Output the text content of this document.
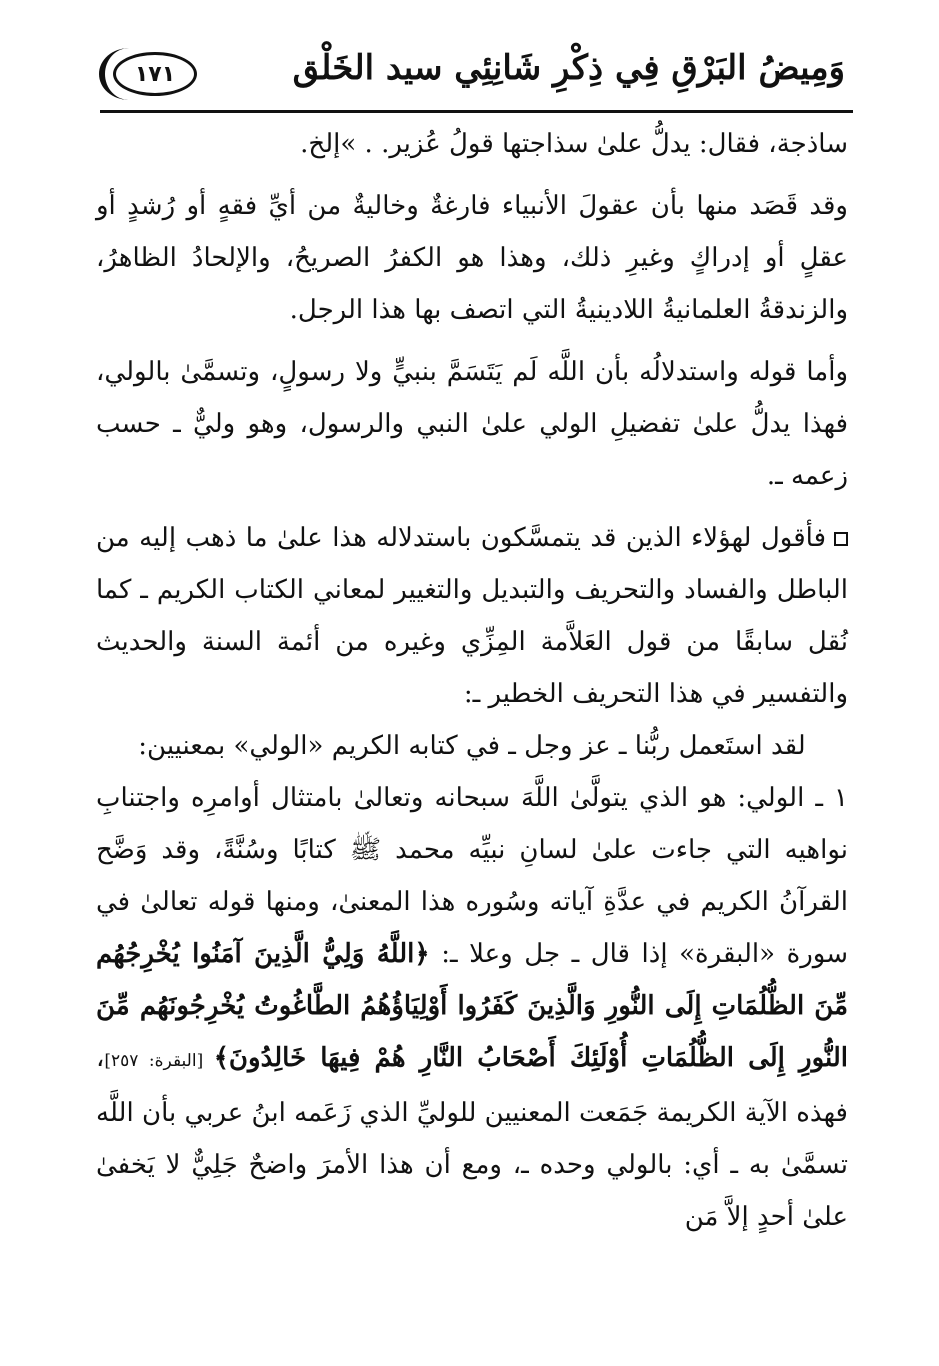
وَمِيضُ البَرْقِ فِي ذِكْرِ شَانِئِي سيد الخَلْق
١٧١

ساذجة، فقال: يدلُّ علىٰ سذاجتها قولُ عُزير. . »إلخ.

وقد قَصَد منها بأن عقولَ الأنبياء فارغةٌ وخاليةٌ من أيِّ فقهٍ أو رُشدٍ أو عقلٍ أو إدراكٍ وغيرِ ذلك، وهذا هو الكفرُ الصريحُ، والإلحادُ الظاهرُ، والزندقةُ العلمانيةُ اللادينيةُ التي اتصف بها هذا الرجل.

وأما قوله واستدلالُه بأن اللَّه لَم يَتَسَمَّ بنبيٍّ ولا رسولٍ، وتسمَّىٰ بالولي، فهذا يدلُّ علىٰ تفضيلِ الولي علىٰ النبي والرسول، وهو وليٌّ ـ حسب زعمه ـ.

فأقول لهؤلاء الذين قد يتمسَّكون باستدلاله هذا علىٰ ما ذهب إليه من الباطل والفساد والتحريف والتبديل والتغيير لمعاني الكتاب الكريم ـ كما نُقل سابقًا من قول العَلاَّمة المِزِّي وغيره من أئمة السنة والحديث والتفسير في هذا التحريف الخطير ـ:

لقد استَعمل ربُّنا ـ عز وجل ـ في كتابه الكريم «الولي» بمعنيين:

١ ـ الولي: هو الذي يتولَّىٰ اللَّهَ سبحانه وتعالىٰ بامتثال أوامرِه واجتنابِ نواهيه التي جاءت علىٰ لسانِ نبيِّه محمد ﷺ كتابًا وسُنَّةً، وقد وَضَّح القرآنُ الكريم في عدَّةِ آياته وسُوره هذا المعنىٰ، ومنها قوله تعالىٰ في سورة «البقرة» إذا قال ـ جل وعلا ـ: ﴿اللَّهُ وَلِيُّ الَّذِينَ آمَنُوا يُخْرِجُهُم مِّنَ الظُّلُمَاتِ إِلَى النُّورِ وَالَّذِينَ كَفَرُوا أَوْلِيَاؤُهُمُ الطَّاغُوتُ يُخْرِجُونَهُم مِّنَ النُّورِ إِلَى الظُّلُمَاتِ أُوْلَئِكَ أَصْحَابُ النَّارِ هُمْ فِيهَا خَالِدُونَ﴾ [البقرة: ٢٥٧]، فهذه الآية الكريمة جَمَعت المعنيين للوليِّ الذي زَعَمه ابنُ عربي بأن اللَّه تسمَّىٰ به ـ أي: بالولي وحده ـ، ومع أن هذا الأمرَ واضحٌ جَلِيٌّ لا يَخفىٰ علىٰ أحدٍ إلاَّ مَن
